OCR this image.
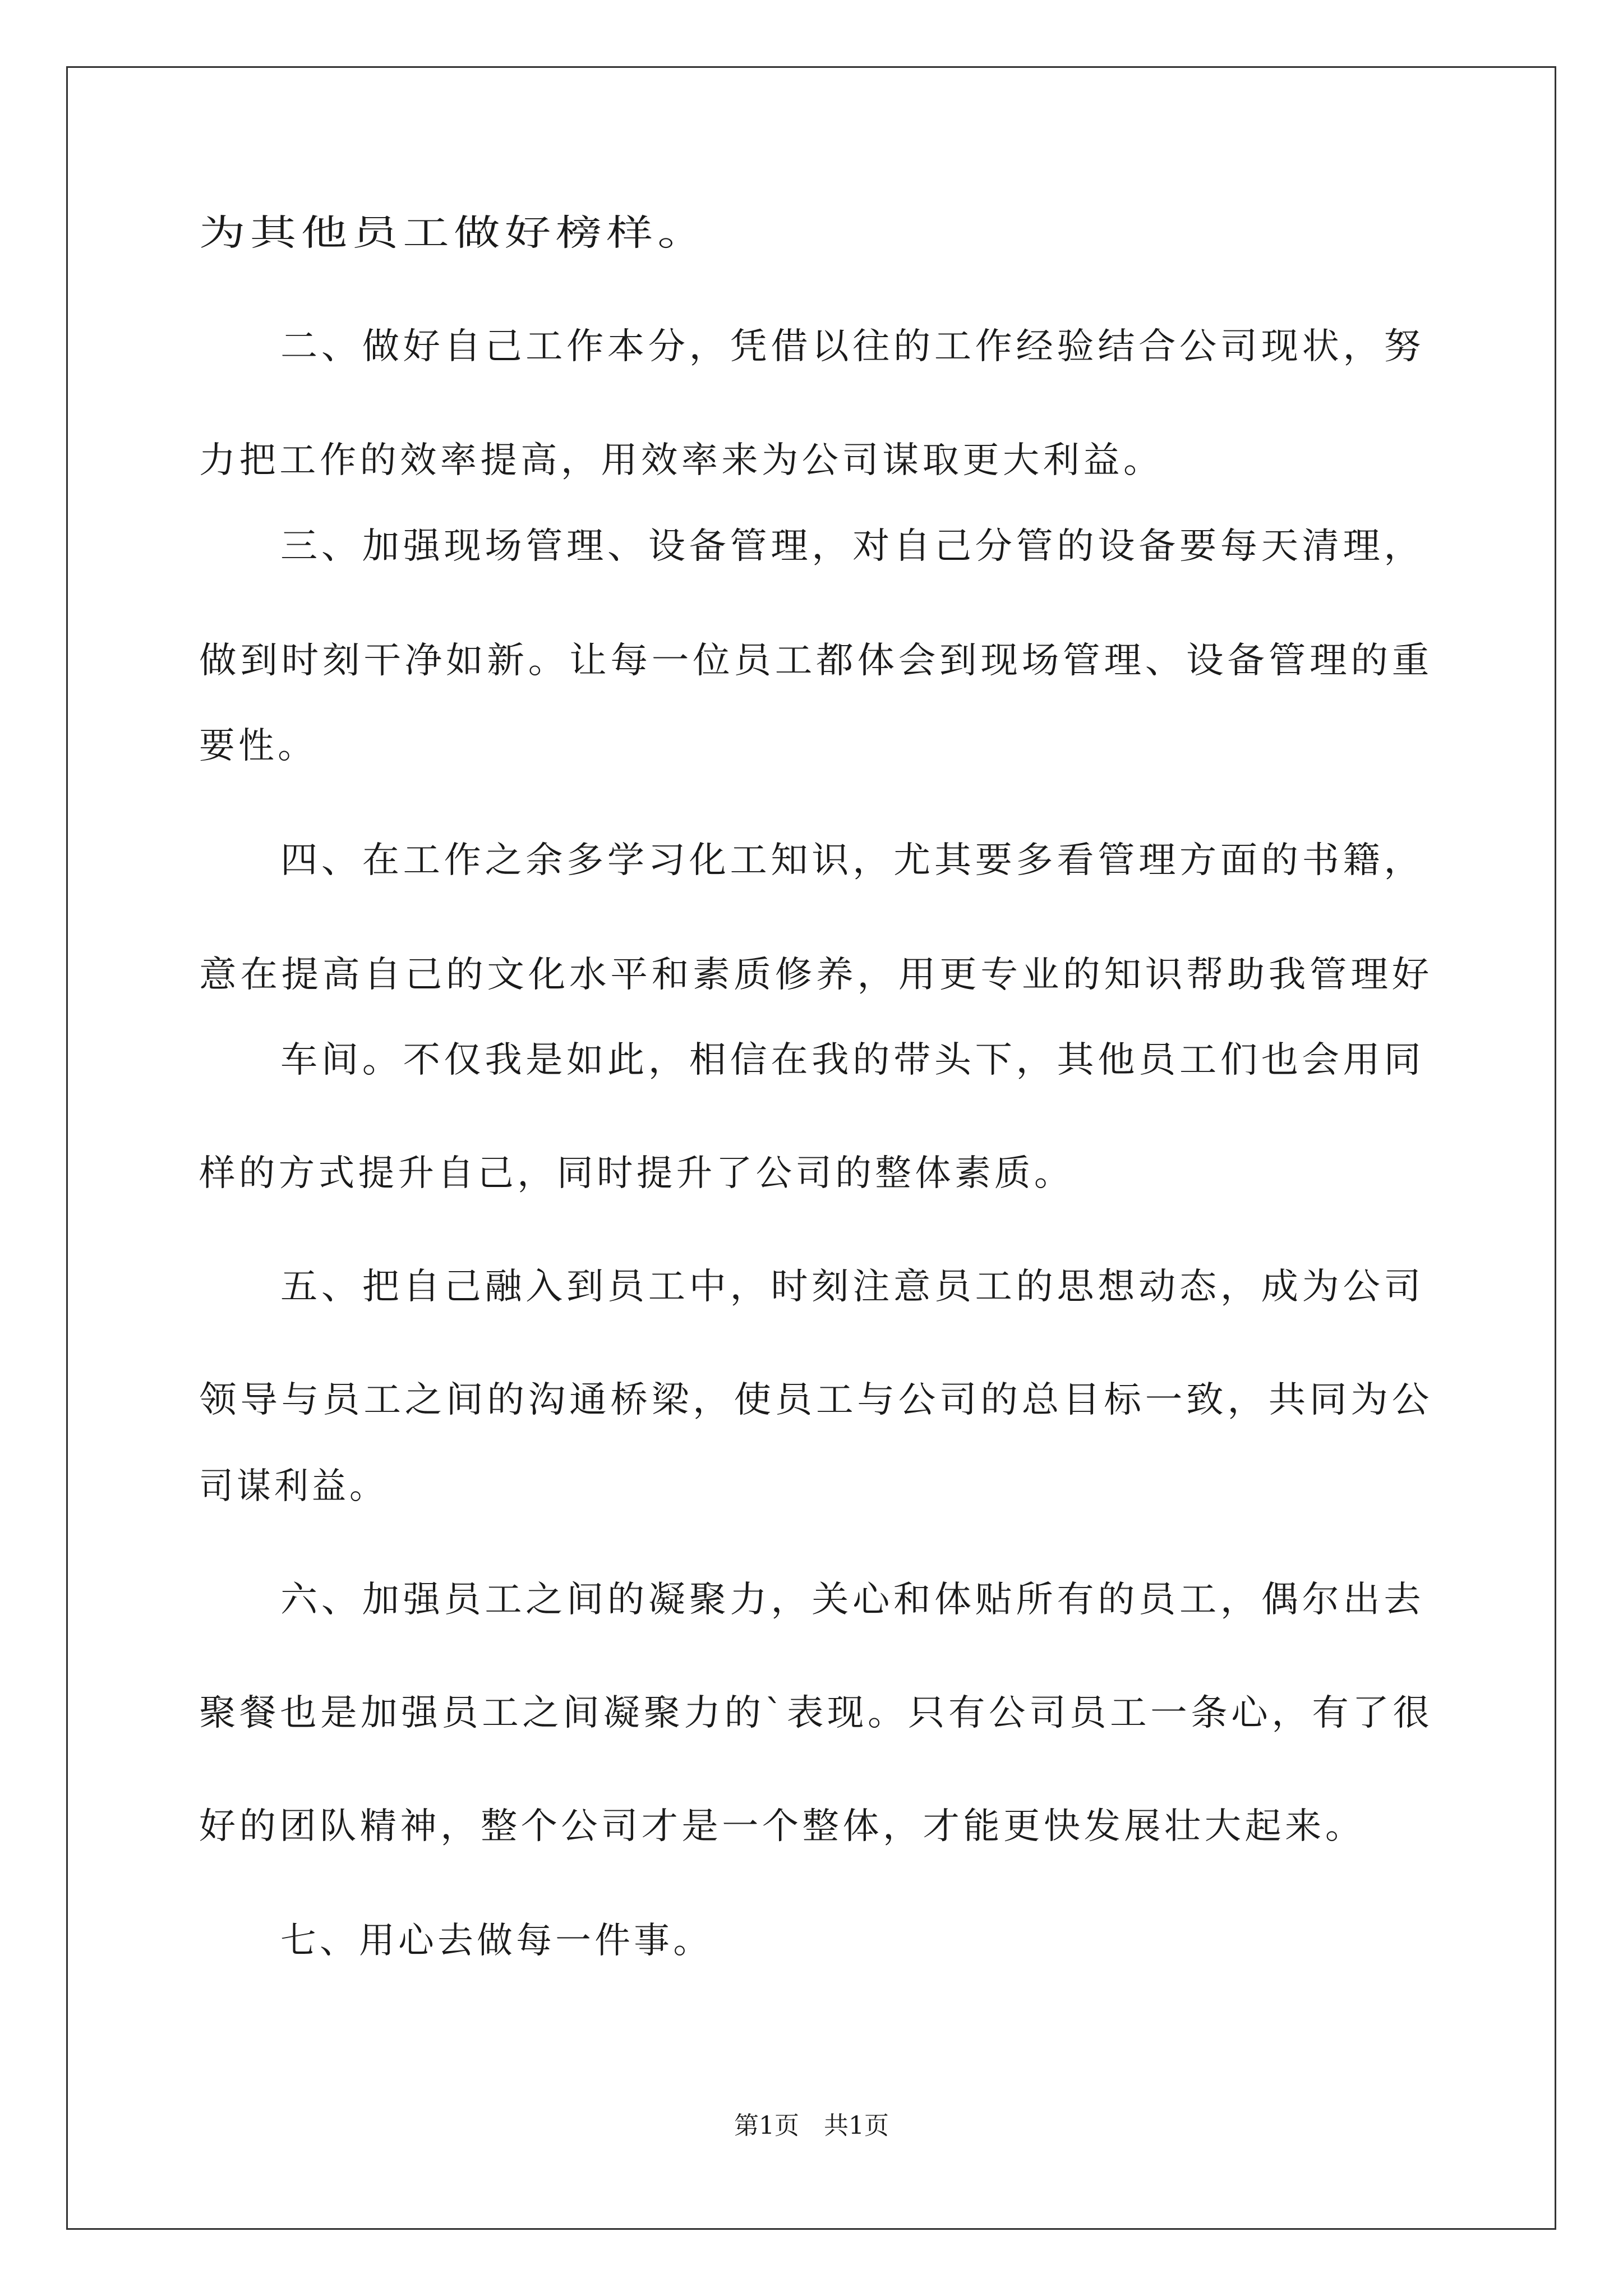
为其他员工做好榜样。
二、做好自己工作本分，凭借以往的工作经验结合公司现状，努
力把工作的效率提高，用效率来为公司谋取更大利益。
三、加强现场管理、设备管理，对自己分管的设备要每天清理，
做到时刻干净如新。让每一位员工都体会到现场管理、设备管理的重
要性。
四、在工作之余多学习化工知识，尤其要多看管理方面的书籍，
意在提高自己的文化水平和素质修养，用更专业的知识帮助我管理好
车间。不仅我是如此，相信在我的带头下，其他员工们也会用同
样的方式提升自己，同时提升了公司的整体素质。
五、把自己融入到员工中，时刻注意员工的思想动态，成为公司
领导与员工之间的沟通桥梁，使员工与公司的总目标一致，共同为公
司谋利益。
六、加强员工之间的凝聚力，关心和体贴所有的员工，偶尔出去
聚餐也是加强员工之间凝聚力的`表现。只有公司员工一条心，有了很
好的团队精神，整个公司才是一个整体，才能更快发展壮大起来。
七、用心去做每一件事。
第1页　共1页
